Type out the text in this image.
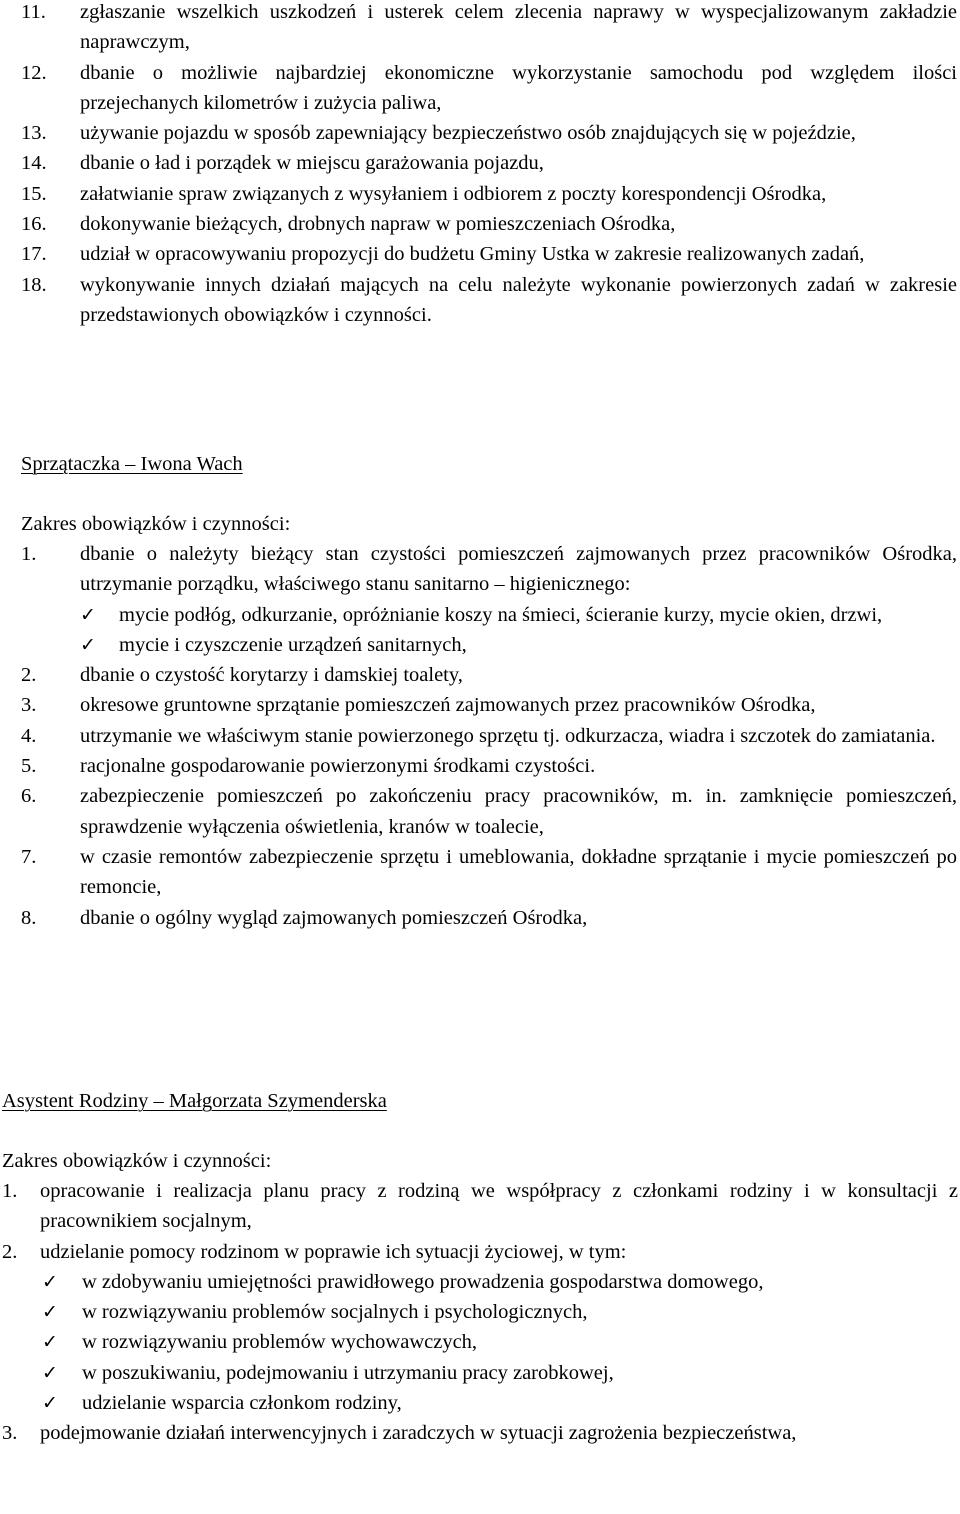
11. zgłaszanie wszelkich uszkodzeń i usterek celem zlecenia naprawy w wyspecjalizowanym zakładzie naprawczym,
12. dbanie o możliwie najbardziej ekonomiczne wykorzystanie samochodu pod względem ilości przejechanych kilometrów i zużycia paliwa,
13. używanie pojazdu w sposób zapewniający bezpieczeństwo osób znajdujących się w pojeździe,
14. dbanie o ład i porządek w miejscu garażowania pojazdu,
15. załatwianie spraw związanych z wysyłaniem i odbiorem z poczty korespondencji Ośrodka,
16. dokonywanie bieżących, drobnych napraw w pomieszczeniach Ośrodka,
17. udział w opracowywaniu propozycji do budżetu Gminy Ustka w zakresie realizowanych zadań,
18. wykonywanie innych działań mających na celu należyte wykonanie powierzonych zadań w zakresie przedstawionych obowiązków i czynności.

Sprzątaczka – Iwona Wach

Zakres obowiązków i czynności:

1. dbanie o należyty bieżący stan czystości pomieszczeń zajmowanych przez pracowników Ośrodka, utrzymanie porządku, właściwego stanu sanitarno – higienicznego:
✓ mycie podłóg, odkurzanie, opróżnianie koszy na śmieci, ścieranie kurzy, mycie okien, drzwi,
✓ mycie i czyszczenie urządzeń sanitarnych,
2. dbanie o czystość korytarzy i damskiej toalety,
3. okresowe gruntowne sprzątanie pomieszczeń zajmowanych przez pracowników Ośrodka,
4. utrzymanie we właściwym stanie powierzonego sprzętu tj. odkurzacza, wiadra i szczotek do zamiatania.
5. racjonalne gospodarowanie powierzonymi środkami czystości.
6. zabezpieczenie pomieszczeń po zakończeniu pracy pracowników, m. in. zamknięcie pomieszczeń, sprawdzenie wyłączenia oświetlenia, kranów w toalecie,
7. w czasie remontów zabezpieczenie sprzętu i umeblowania, dokładne sprzątanie i mycie pomieszczeń po remoncie,
8. dbanie o ogólny wygląd zajmowanych pomieszczeń Ośrodka,

Asystent Rodziny – Małgorzata Szymenderska

Zakres obowiązków i czynności:

1. opracowanie i realizacja planu pracy z rodziną we współpracy z członkami rodziny i w konsultacji z pracownikiem socjalnym,
2. udzielanie pomocy rodzinom w poprawie ich sytuacji życiowej, w tym:
✓ w zdobywaniu umiejętności prawidłowego prowadzenia gospodarstwa domowego,
✓ w rozwiązywaniu problemów socjalnych i psychologicznych,
✓ w rozwiązywaniu problemów wychowawczych,
✓ w poszukiwaniu, podejmowaniu i utrzymaniu pracy zarobkowej,
✓ udzielanie wsparcia członkom rodziny,
3. podejmowanie działań interwencyjnych i zaradczych w sytuacji zagrożenia bezpieczeństwa,
